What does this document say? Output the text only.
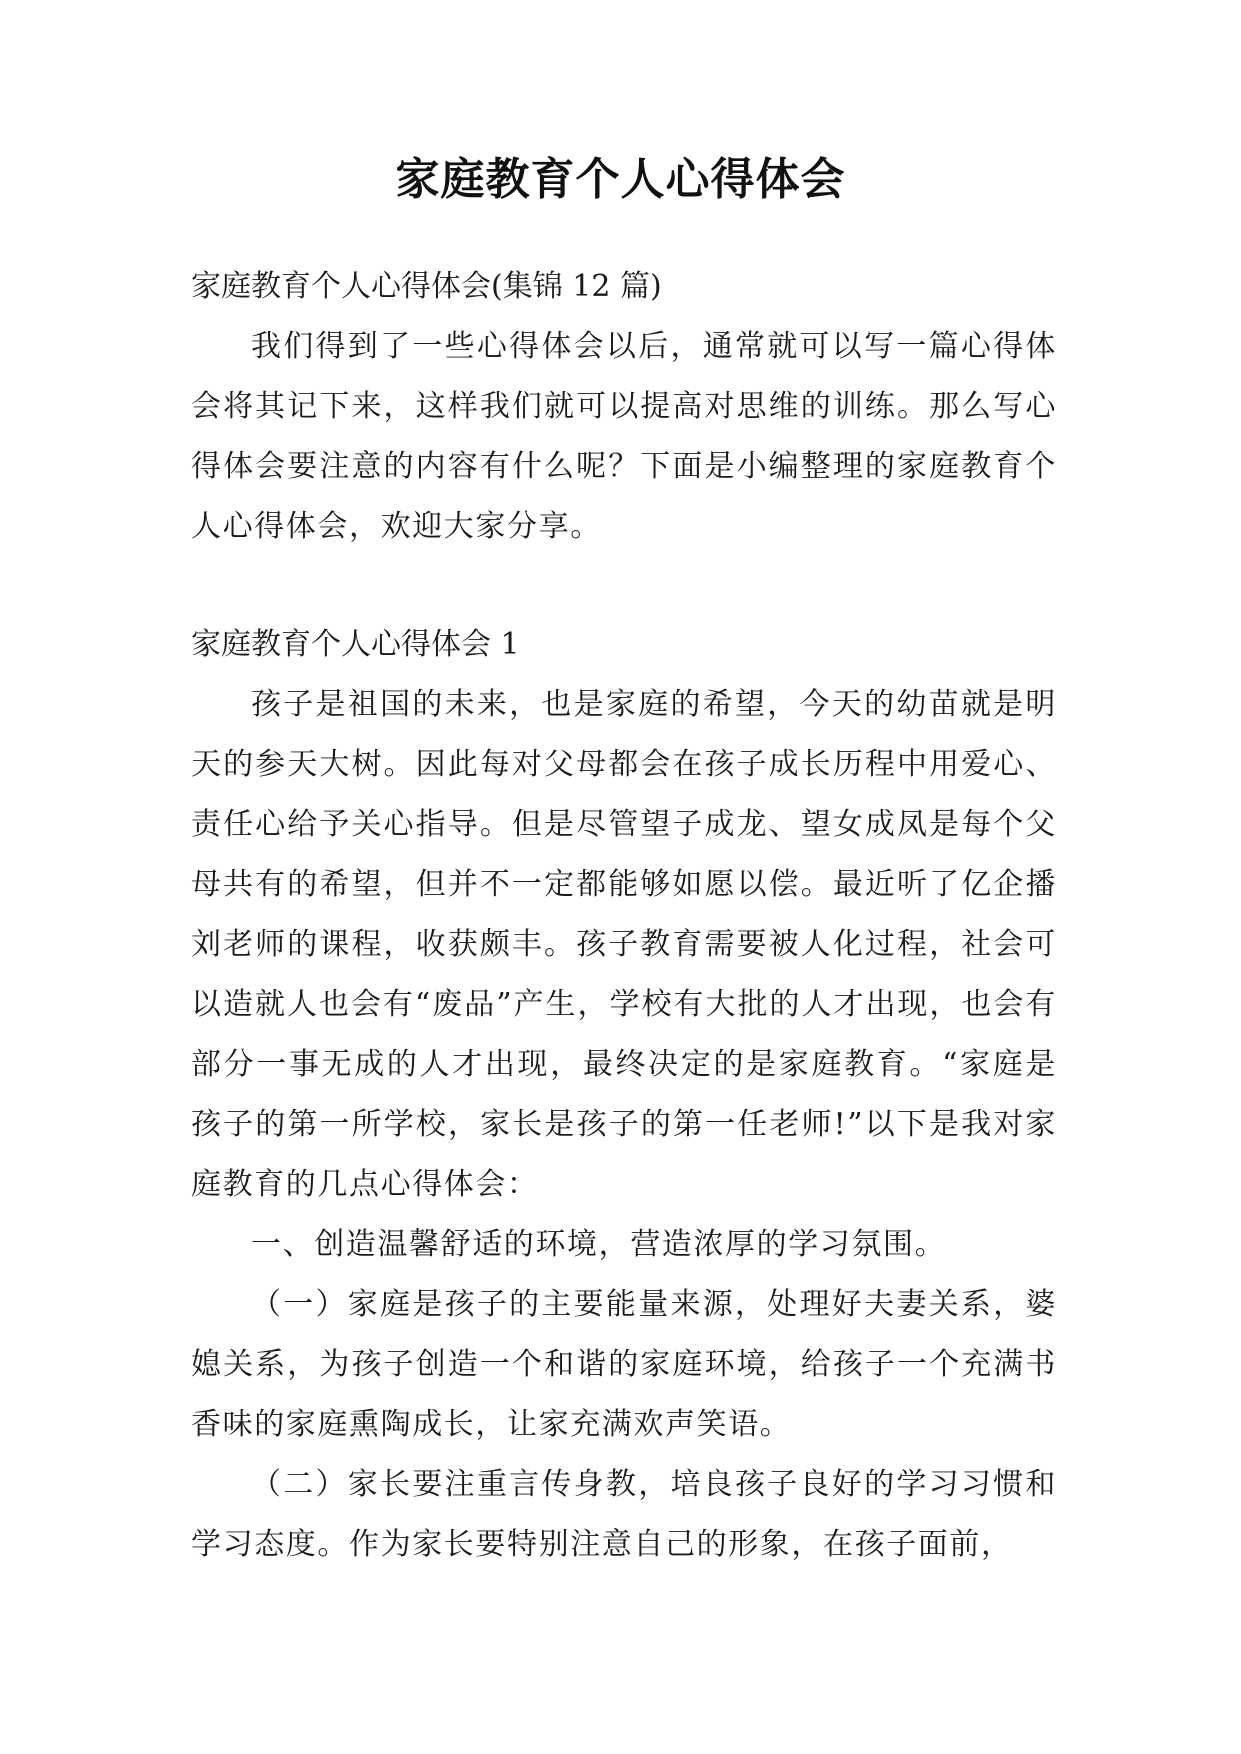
家庭教育个人心得体会

家庭教育个人心得体会(集锦 12 篇)

我们得到了一些心得体会以后，通常就可以写一篇心得体会将其记下来，这样我们就可以提高对思维的训练。那么写心得体会要注意的内容有什么呢？下面是小编整理的家庭教育个人心得体会，欢迎大家分享。

家庭教育个人心得体会 1

孩子是祖国的未来，也是家庭的希望，今天的幼苗就是明天的参天大树。因此每对父母都会在孩子成长历程中用爱心、责任心给予关心指导。但是尽管望子成龙、望女成凤是每个父母共有的希望，但并不一定都能够如愿以偿。最近听了亿企播刘老师的课程，收获颇丰。孩子教育需要被人化过程，社会可以造就人也会有“废品”产生，学校有大批的人才出现，也会有部分一事无成的人才出现，最终决定的是家庭教育。“家庭是孩子的第一所学校，家长是孩子的第一任老师!”以下是我对家庭教育的几点心得体会：

一、创造温馨舒适的环境，营造浓厚的学习氛围。

（一）家庭是孩子的主要能量来源，处理好夫妻关系，婆媳关系，为孩子创造一个和谐的家庭环境，给孩子一个充满书香味的家庭熏陶成长，让家充满欢声笑语。

（二）家长要注重言传身教，培良孩子良好的学习习惯和学习态度。作为家长要特别注意自己的形象，在孩子面前，
